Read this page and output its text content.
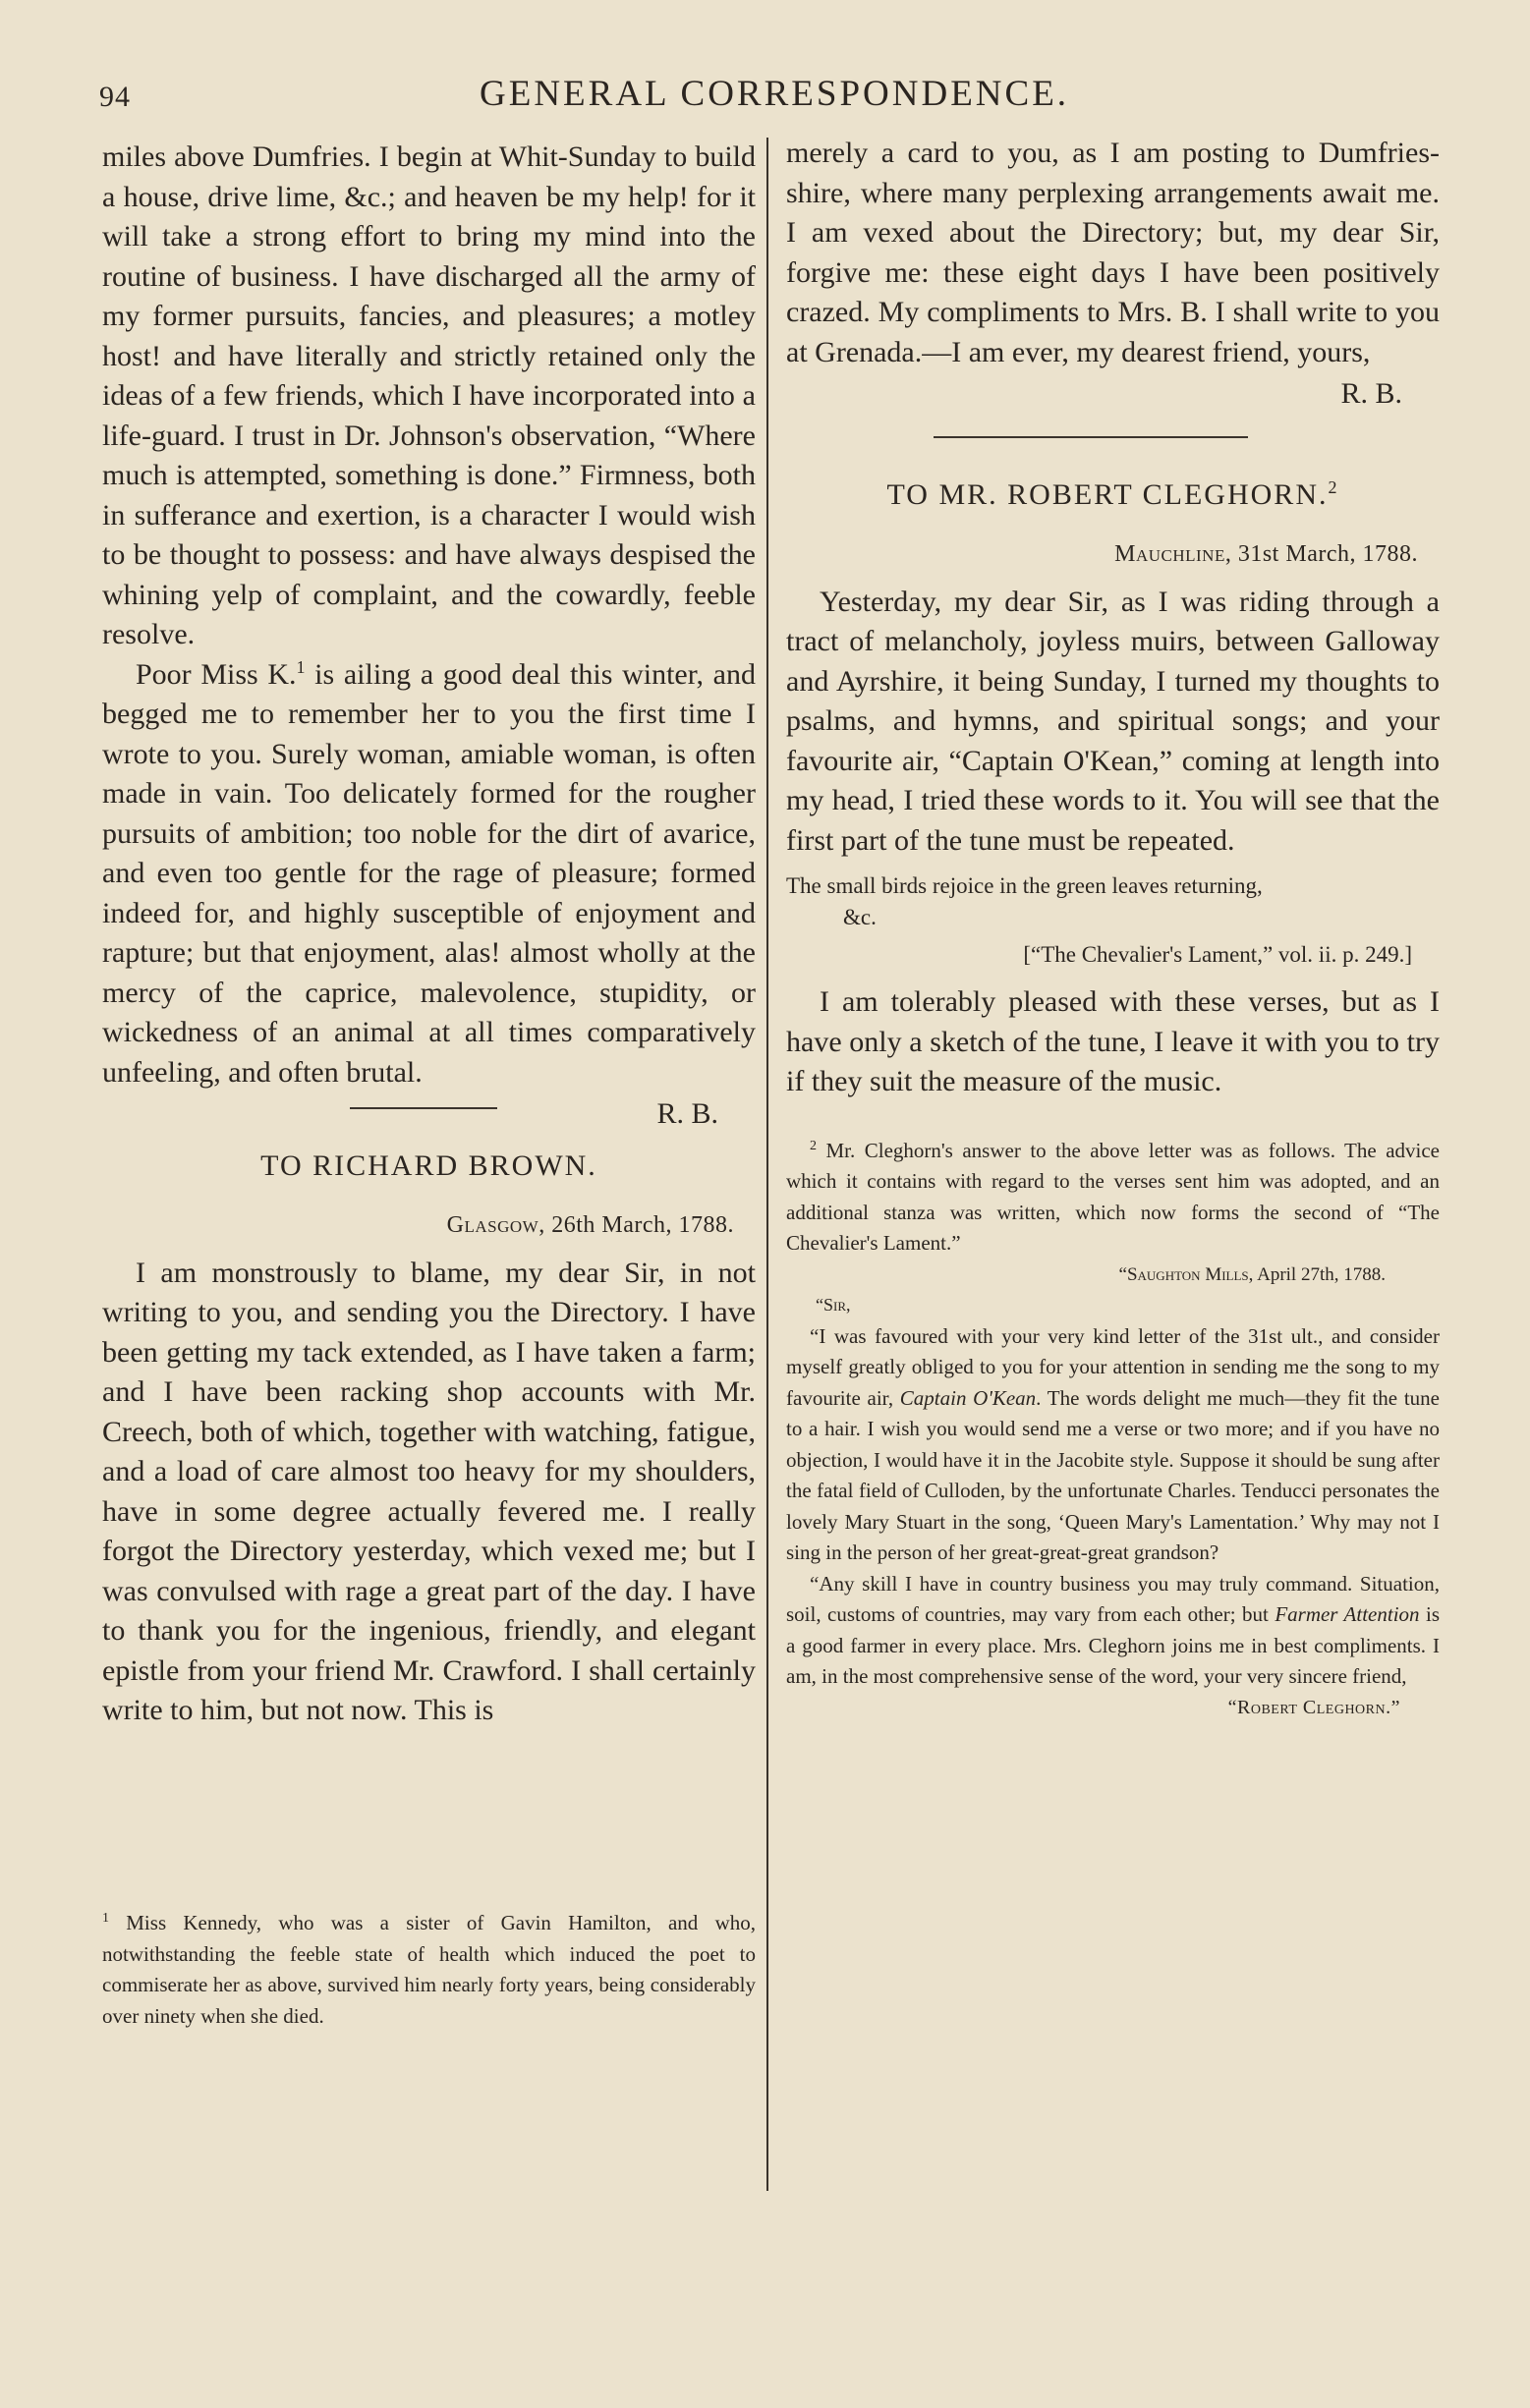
94	GENERAL CORRESPONDENCE.

miles above Dumfries. I begin at Whit-Sunday to build a house, drive lime, &c.; and heaven be my help! for it will take a strong effort to bring my mind into the routine of business. I have discharged all the army of my former pursuits, fancies, and pleasures; a motley host! and have literally and strictly retained only the ideas of a few friends, which I have incorporated into a life-guard. I trust in Dr. Johnson's observation, “Where much is attempted, something is done.” Firmness, both in sufferance and exertion, is a character I would wish to be thought to possess: and have always despised the whining yelp of complaint, and the cowardly, feeble resolve.

Poor Miss K.$^1$ is ailing a good deal this winter, and begged me to remember her to you the first time I wrote to you. Surely woman, amiable woman, is often made in vain. Too delicately formed for the rougher pursuits of ambition; too noble for the dirt of avarice, and even too gentle for the rage of pleasure; formed indeed for, and highly susceptible of enjoyment and rapture; but that enjoyment, alas! almost wholly at the mercy of the caprice, malevolence, stupidity, or wickedness of an animal at all times comparatively unfeeling, and often brutal.

R. B.

TO RICHARD BROWN.

Glasgow, 26th March, 1788.

I am monstrously to blame, my dear Sir, in not writing to you, and sending you the Directory. I have been getting my tack extended, as I have taken a farm; and I have been racking shop accounts with Mr. Creech, both of which, together with watching, fatigue, and a load of care almost too heavy for my shoulders, have in some degree actually fevered me. I really forgot the Directory yesterday, which vexed me; but I was convulsed with rage a great part of the day. I have to thank you for the ingenious, friendly, and elegant epistle from your friend Mr. Crawford. I shall certainly write to him, but not now. This is

$^1$ Miss Kennedy, who was a sister of Gavin Hamilton, and who, notwithstanding the feeble state of health which induced the poet to commiserate her as above, survived him nearly forty years, being considerably over ninety when she died.

merely a card to you, as I am posting to Dumfries-shire, where many perplexing arrangements await me. I am vexed about the Directory; but, my dear Sir, forgive me: these eight days I have been positively crazed. My compliments to Mrs. B. I shall write to you at Grenada.—I am ever, my dearest friend, yours,

R. B.

TO MR. ROBERT CLEGHORN.$^2$

Mauchline, 31st March, 1788.

Yesterday, my dear Sir, as I was riding through a tract of melancholy, joyless muirs, between Galloway and Ayrshire, it being Sunday, I turned my thoughts to psalms, and hymns, and spiritual songs; and your favourite air, “Captain O'Kean,” coming at length into my head, I tried these words to it. You will see that the first part of the tune must be repeated.

The small birds rejoice in the green leaves returning,
&c.
[“The Chevalier's Lament,” vol. ii. p. 249.]

I am tolerably pleased with these verses, but as I have only a sketch of the tune, I leave it with you to try if they suit the measure of the music.

$^2$ Mr. Cleghorn's answer to the above letter was as follows. The advice which it contains with regard to the verses sent him was adopted, and an additional stanza was written, which now forms the second of “The Chevalier's Lament.”

“Saughton Mills, April 27th, 1788.

“Sir,

“I was favoured with your very kind letter of the 31st ult., and consider myself greatly obliged to you for your attention in sending me the song to my favourite air, Captain O'Kean. The words delight me much—they fit the tune to a hair. I wish you would send me a verse or two more; and if you have no objection, I would have it in the Jacobite style. Suppose it should be sung after the fatal field of Culloden, by the unfortunate Charles. Tenducci personates the lovely Mary Stuart in the song, ‘Queen Mary's Lamentation.’ Why may not I sing in the person of her great-great-great grandson?

“Any skill I have in country business you may truly command. Situation, soil, customs of countries, may vary from each other; but Farmer Attention is a good farmer in every place. Mrs. Cleghorn joins me in best compliments. I am, in the most comprehensive sense of the word, your very sincere friend,

“Robert Cleghorn.”
